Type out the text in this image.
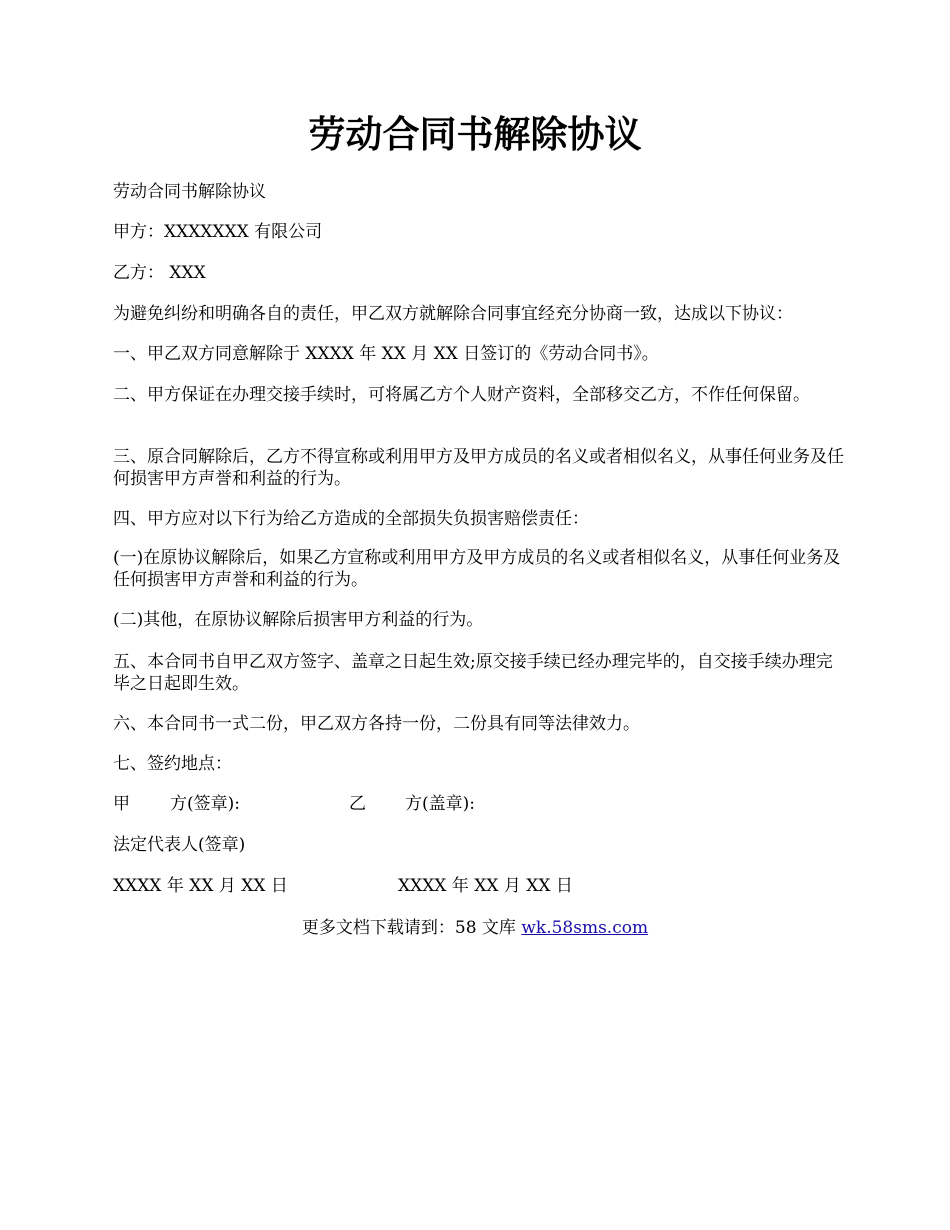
劳动合同书解除协议

劳动合同书解除协议

甲方：XXXXXXX 有限公司

乙方： XXX

为避免纠纷和明确各自的责任，甲乙双方就解除合同事宜经充分协商一致，达成以下协议：

一、甲乙双方同意解除于 XXXX 年 XX 月 XX 日签订的《劳动合同书》。

二、甲方保证在办理交接手续时，可将属乙方个人财产资料，全部移交乙方，不作任何保留。

三、原合同解除后，乙方不得宣称或利用甲方及甲方成员的名义或者相似名义，从事任何业务及任何损害甲方声誉和利益的行为。

四、甲方应对以下行为给乙方造成的全部损失负损害赔偿责任：

(一)在原协议解除后，如果乙方宣称或利用甲方及甲方成员的名义或者相似名义，从事任何业务及任何损害甲方声誉和利益的行为。

(二)其他，在原协议解除后损害甲方利益的行为。

五、本合同书自甲乙双方签字、盖章之日起生效;原交接手续已经办理完毕的，自交接手续办理完毕之日起即生效。

六、本合同书一式二份，甲乙双方各持一份，二份具有同等法律效力。

七、签约地点：

甲 方(签章):	乙 方(盖章):

法定代表人(签章)

XXXX 年 XX 月 XX 日	XXXX 年 XX 月 XX 日
更多文档下载请到：58 文库 wk.58sms.com
